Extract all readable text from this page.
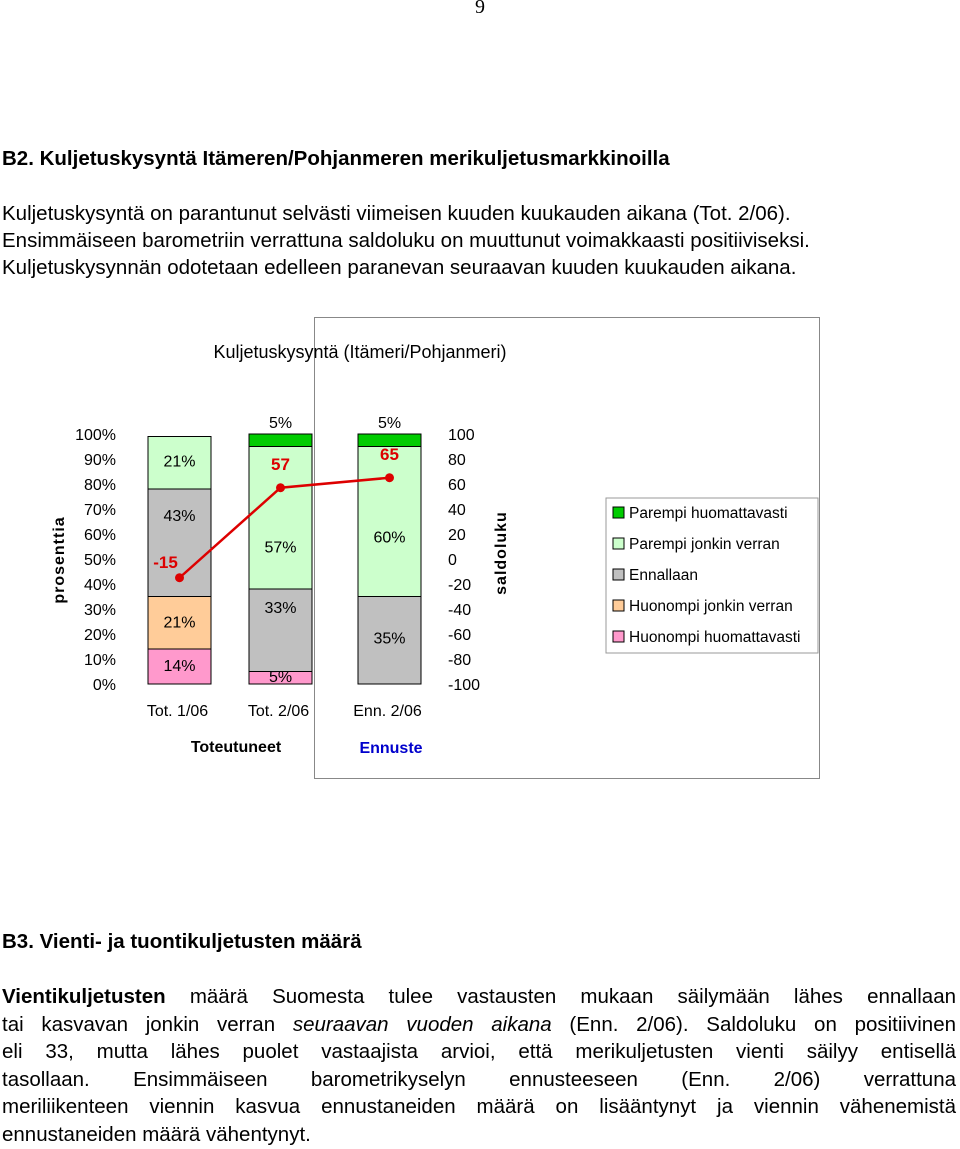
9
B2. Kuljetuskysyntä Itämeren/Pohjanmeren merikuljetusmarkkinoilla
Kuljetuskysyntä on parantunut selvästi viimeisen kuuden kuukauden aikana (Tot. 2/06).
Ensimmäiseen barometriin verrattuna saldoluku on muuttunut voimakkaasti positiiviseksi.
Kuljetuskysynnän odotetaan edelleen paranevan seuraavan kuuden kuukauden aikana.
Kuljetuskysyntä (Itämeri/Pohjanmeri)
prosenttia	saldoluku
100%
90%
80%
70%
60%
50%
40%
30%
20%
10%
0%
100
80
60
40
20
0
-20
-40
-60
-80
-100
14%
21%
43%
21%
5%
33%
57%
5%
35%
60%
5%
-15
57
65
Tot. 1/06 Tot. 2/06	Enn. 2/06
Toteutuneet	Ennuste
Parempi huomattavasti
Parempi jonkin verran
Ennallaan
Huonompi jonkin verran
Huonompi huomattavasti
B3. Vienti- ja tuontikuljetusten määrä
Vientikuljetusten määrä Suomesta tulee vastausten mukaan säilymään lähes ennallaan
tai kasvavan jonkin verran seuraavan vuoden aikana (Enn. 2/06). Saldoluku on positiivinen
eli 33, mutta lähes puolet vastaajista arvioi, että merikuljetusten vienti säilyy entisellä
tasollaan. Ensimmäiseen barometrikyselyn ennusteeseen (Enn. 2/06) verrattuna
meriliikenteen viennin kasvua ennustaneiden määrä on lisääntynyt ja viennin vähenemistä
ennustaneiden määrä vähentynyt.
